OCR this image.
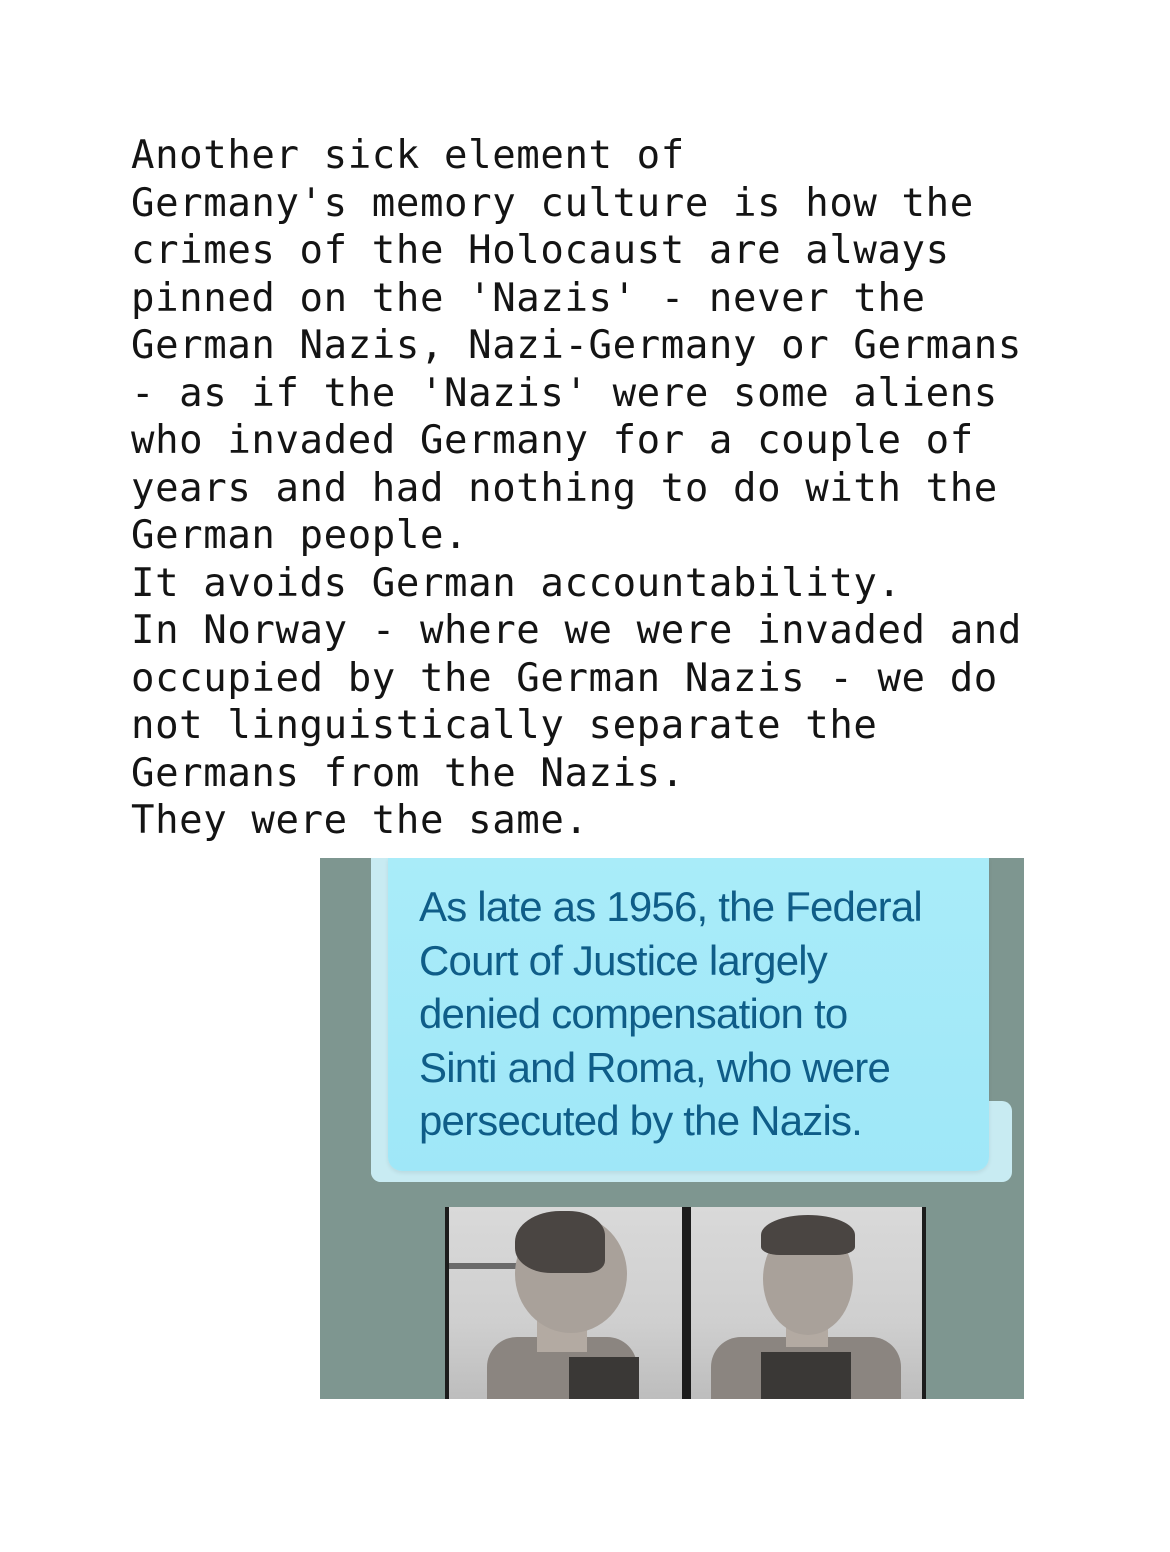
Another sick element of
Germany's memory culture is how the
crimes of the Holocaust are always
pinned on the 'Nazis' - never the
German Nazis, Nazi-Germany or Germans
- as if the 'Nazis' were some aliens
who invaded Germany for a couple of
years and had nothing to do with the
German people.
It avoids German accountability.
In Norway - where we were invaded and
occupied by the German Nazis - we do
not linguistically separate the
Germans from the Nazis.
They were the same.
As late as 1956, the Federal
Court of Justice largely
denied compensation to
Sinti and Roma, who were
persecuted by the Nazis.
